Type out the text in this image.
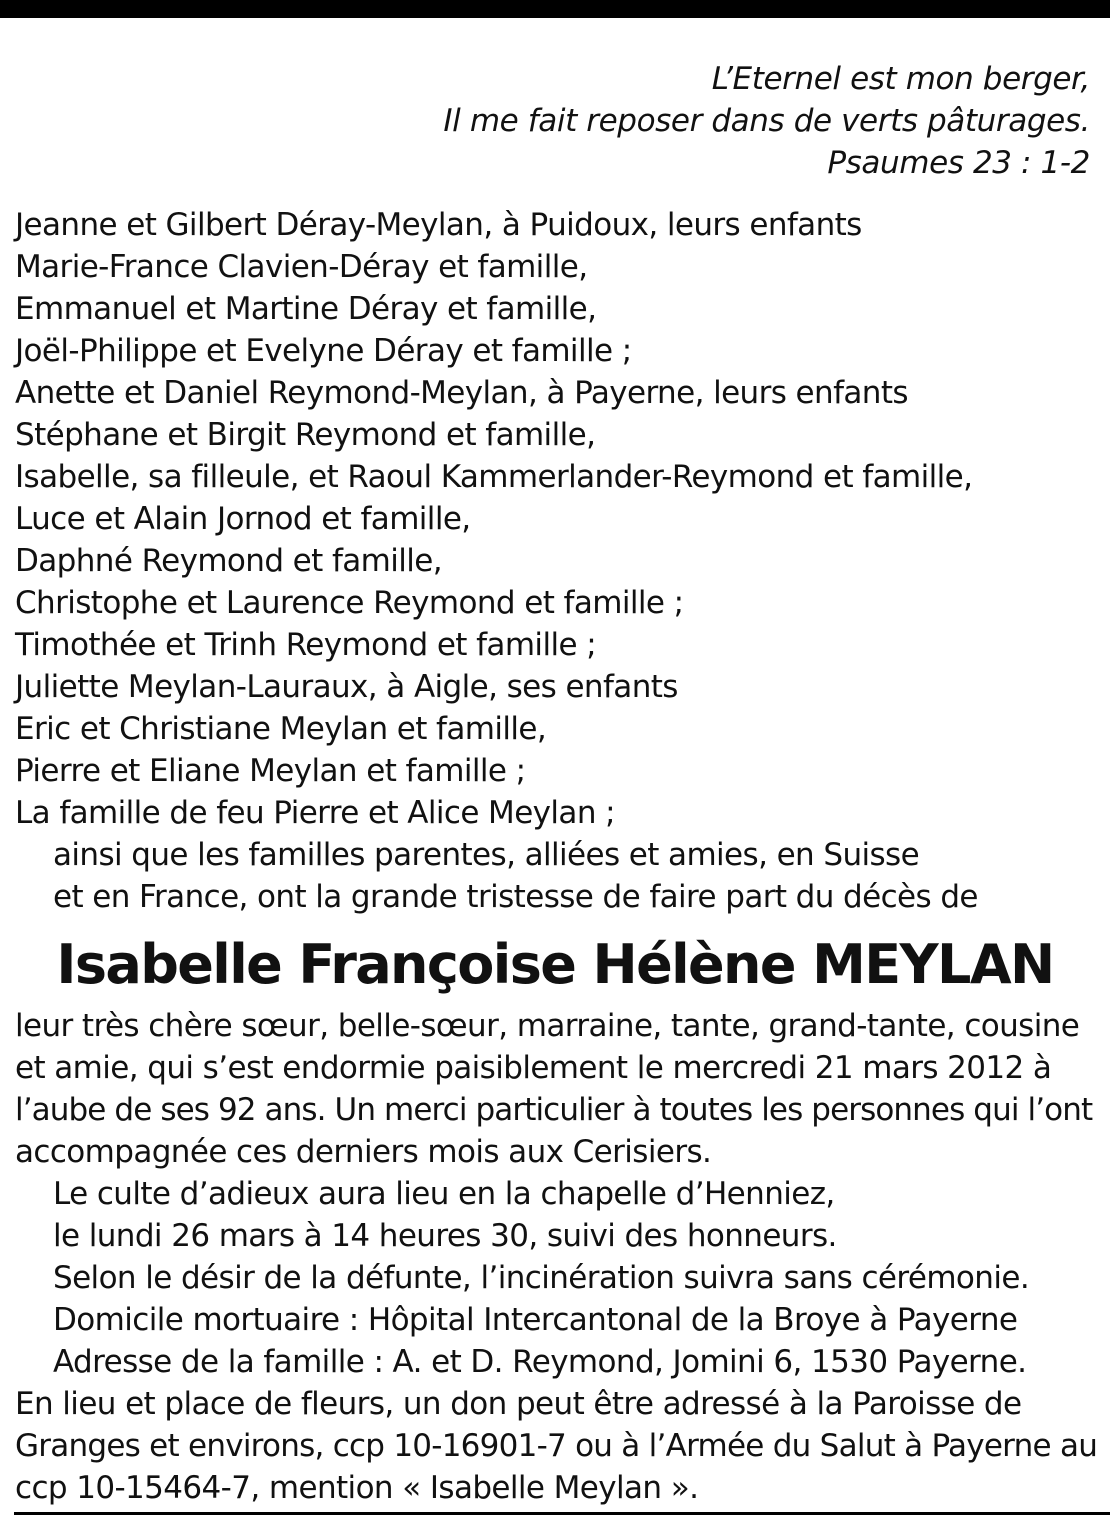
L’Eternel est mon berger,
Il me fait reposer dans de verts pâturages.
Psaumes 23 : 1-2
Jeanne et Gilbert Déray-Meylan, à Puidoux, leurs enfants
Marie-France Clavien-Déray et famille,
Emmanuel et Martine Déray et famille,
Joël-Philippe et Evelyne Déray et famille ;
Anette et Daniel Reymond-Meylan, à Payerne, leurs enfants
Stéphane et Birgit Reymond et famille,
Isabelle, sa filleule, et Raoul Kammerlander-Reymond et famille,
Luce et Alain Jornod et famille,
Daphné Reymond et famille,
Christophe et Laurence Reymond et famille ;
Timothée et Trinh Reymond et famille ;
Juliette Meylan-Lauraux, à Aigle, ses enfants
Eric et Christiane Meylan et famille,
Pierre et Eliane Meylan et famille ;
La famille de feu Pierre et Alice Meylan ;
ainsi que les familles parentes, alliées et amies, en Suisse
et en France, ont la grande tristesse de faire part du décès de
Isabelle Françoise Hélène MEYLAN
leur très chère sœur, belle-sœur, marraine, tante, grand-tante, cousine
et amie, qui s’est endormie paisiblement le mercredi 21 mars 2012 à
l’aube de ses 92 ans. Un merci particulier à toutes les personnes qui l’ont
accompagnée ces derniers mois aux Cerisiers.
Le culte d’adieux aura lieu en la chapelle d’Henniez,
le lundi 26 mars à 14 heures 30, suivi des honneurs.
Selon le désir de la défunte, l’incinération suivra sans cérémonie.
Domicile mortuaire : Hôpital Intercantonal de la Broye à Payerne
Adresse de la famille : A. et D. Reymond, Jomini 6, 1530 Payerne.
En lieu et place de fleurs, un don peut être adressé à la Paroisse de
Granges et environs, ccp 10-16901-7 ou à l’Armée du Salut à Payerne au
ccp 10-15464-7, mention « Isabelle Meylan ».
